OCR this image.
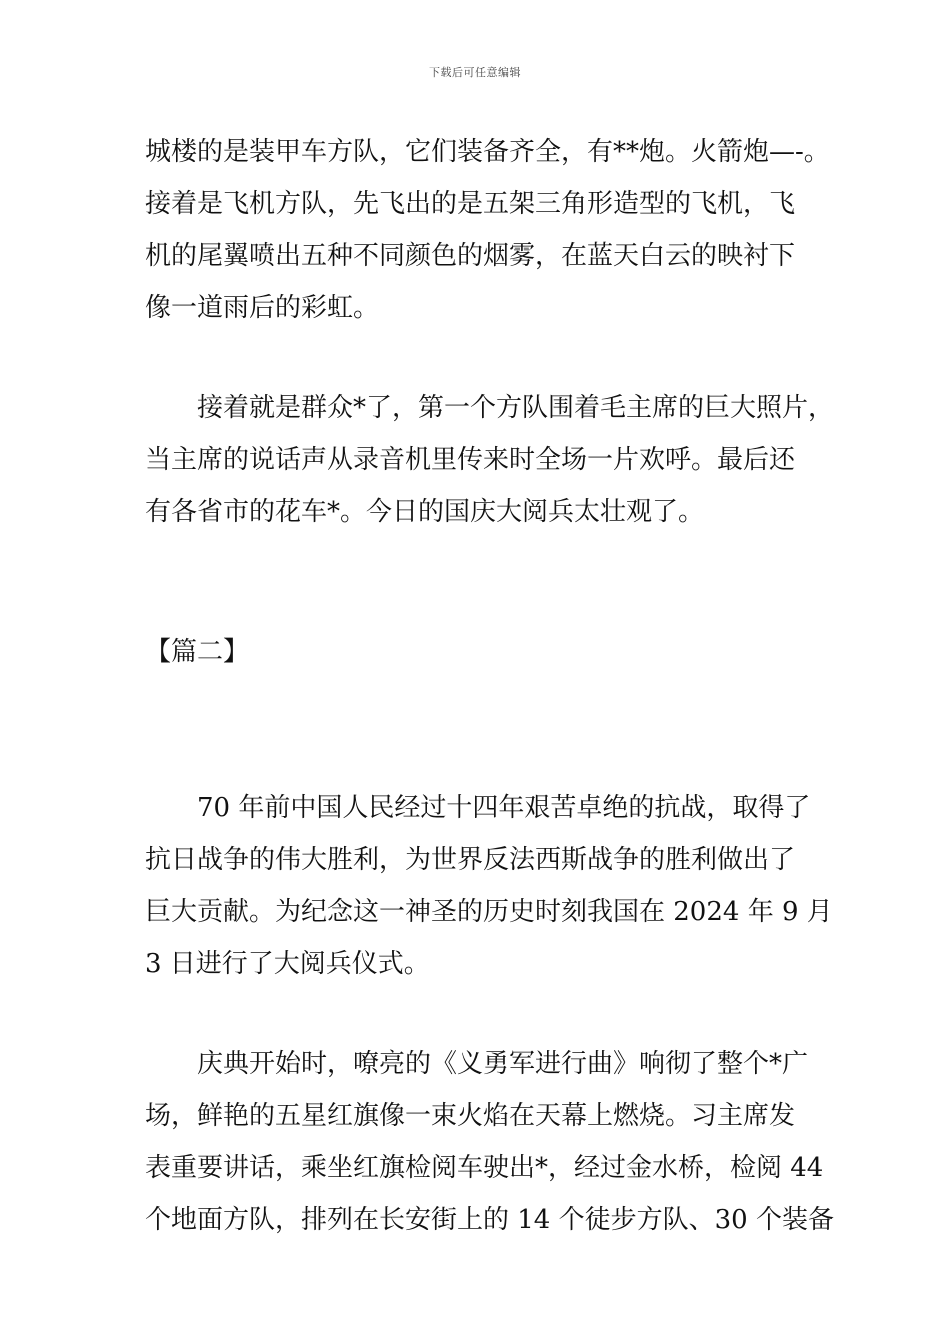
下载后可任意编辑
城楼的是装甲车方队，它们装备齐全，有**炮。火箭炮—-。
接着是飞机方队，先飞出的是五架三角形造型的飞机，飞
机的尾翼喷出五种不同颜色的烟雾，在蓝天白云的映衬下
像一道雨后的彩虹。
接着就是群众*了，第一个方队围着毛主席的巨大照片，
当主席的说话声从录音机里传来时全场一片欢呼。最后还
有各省市的花车*。今日的国庆大阅兵太壮观了。
【篇二】
70 年前中国人民经过十四年艰苦卓绝的抗战，取得了
抗日战争的伟大胜利，为世界反法西斯战争的胜利做出了
巨大贡献。为纪念这一神圣的历史时刻我国在 2024 年 9 月
3 日进行了大阅兵仪式。
庆典开始时，嘹亮的《义勇军进行曲》响彻了整个*广
场，鲜艳的五星红旗像一束火焰在天幕上燃烧。习主席发
表重要讲话，乘坐红旗检阅车驶出*，经过金水桥，检阅 44
个地面方队，排列在长安街上的 14 个徒步方队、30 个装备
